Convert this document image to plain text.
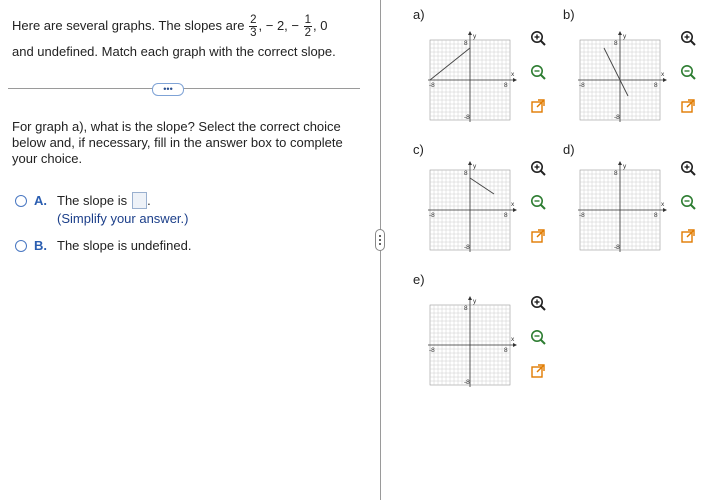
Here are several graphs. The slopes are $\frac{2}{3}$ , − 2, − $\frac{1}{2}$ , 0
and undefined. Match each graph with the correct slope.
•••
For graph a), what is the slope? Select the correct choice below and, if necessary, fill in the answer box to complete your choice.
A. The slope is .
(Simplify your answer.)
B. The slope is undefined.
a)
x
y
8
-8
-8	8
b)
x
y
8
-8
-8	8
c)
x
y
8
-8
-8	8
d)
x
y
8
-8
-8	8
e)
x
y
8
-8
-8	8
